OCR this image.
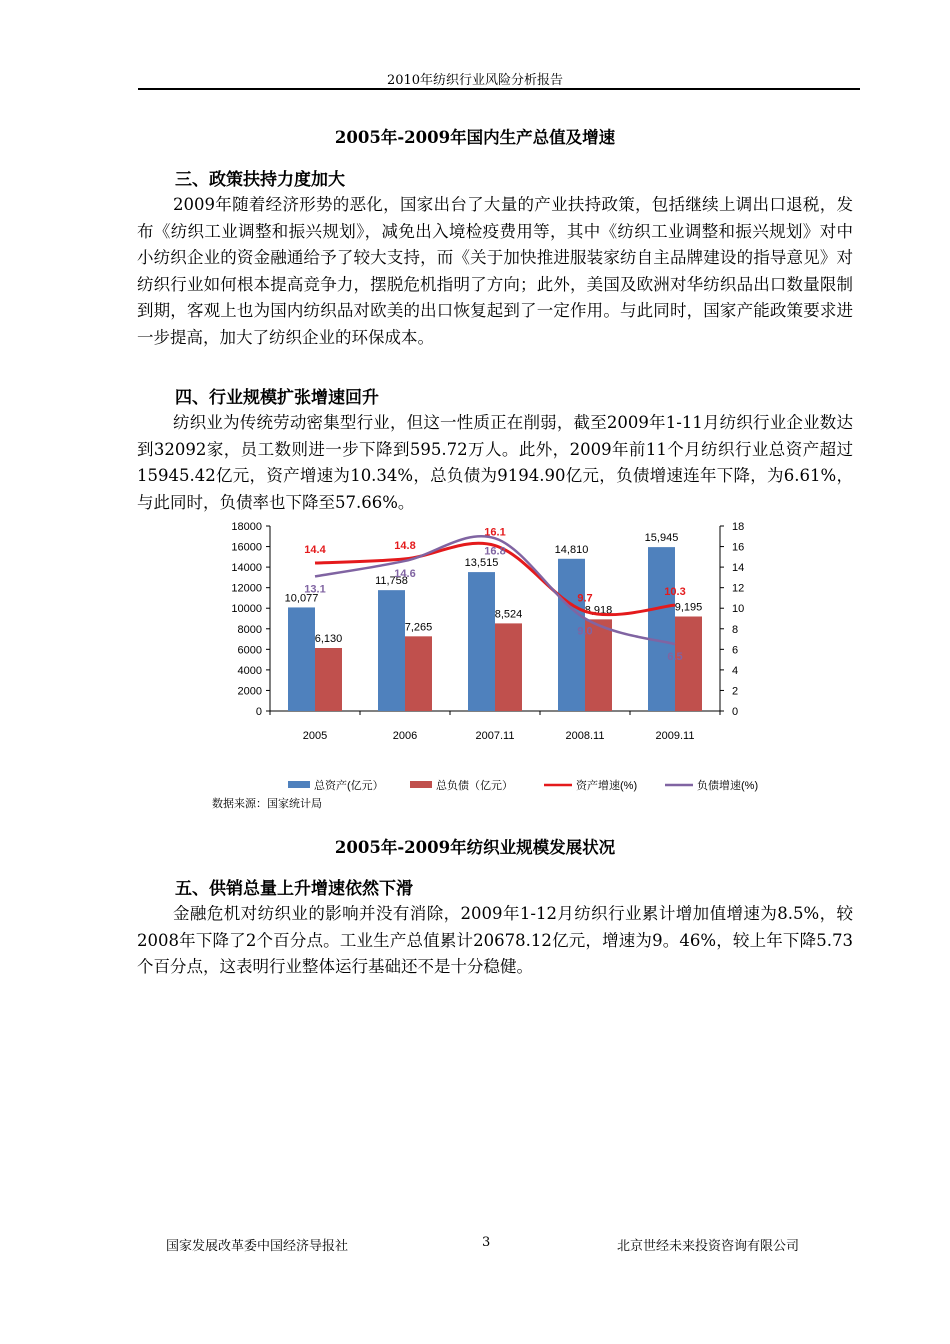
2010年纺织行业风险分析报告
2005年-2009年国内生产总值及增速
三、政策扶持力度加大

2009年随着经济形势的恶化，国家出台了大量的产业扶持政策，包括继续上调出口退税，发布《纺织工业调整和振兴规划》，减免出入境检疫费用等，其中《纺织工业调整和振兴规划》对中小纺织企业的资金融通给予了较大支持，而《关于加快推进服装家纺自主品牌建设的指导意见》对纺织行业如何根本提高竞争力，摆脱危机指明了方向；此外，美国及欧洲对华纺织品出口数量限制到期，客观上也为国内纺织品对欧美的出口恢复起到了一定作用。与此同时，国家产能政策要求进一步提高，加大了纺织企业的环保成本。

四、行业规模扩张增速回升

纺织业为传统劳动密集型行业，但这一性质正在削弱，截至2009年1-11月纺织行业企业数达到32092家，员工数则进一步下降到595.72万人。此外，2009年前11个月纺织行业总资产超过15945.42亿元，资产增速为10.34%，总负债为9194.90亿元，负债增速连年下降，为6.61%，与此同时，负债率也下降至57.66%。

18000
16000
14000
12000
10000
8000
6000
4000
2000
0
18
16
14
12
10
8
6
4
2
0
2005	2006	2007.11	2008.11	2009.11
10,077
11,758
13,515
14,810
15,945
6,130
7,265
8,524	8,918	9,195
14.4	14.8
16.1
9.7
10.3
13.1
14.6
16.8
9.0
6.5
总资产(亿元）	总负债（亿元）	资产增速(%)	负债增速(%)
数据来源：国家统计局
2005年-2009年纺织业规模发展状况
五、供销总量上升增速依然下滑

金融危机对纺织业的影响并没有消除，2009年1-12月纺织行业累计增加值增速为8.5%，较2008年下降了2个百分点。工业生产总值累计20678.12亿元，增速为9。46%，较上年下降5.73个百分点，这表明行业整体运行基础还不是十分稳健。

国家发展改革委中国经济导报社	3	北京世经未来投资咨询有限公司
